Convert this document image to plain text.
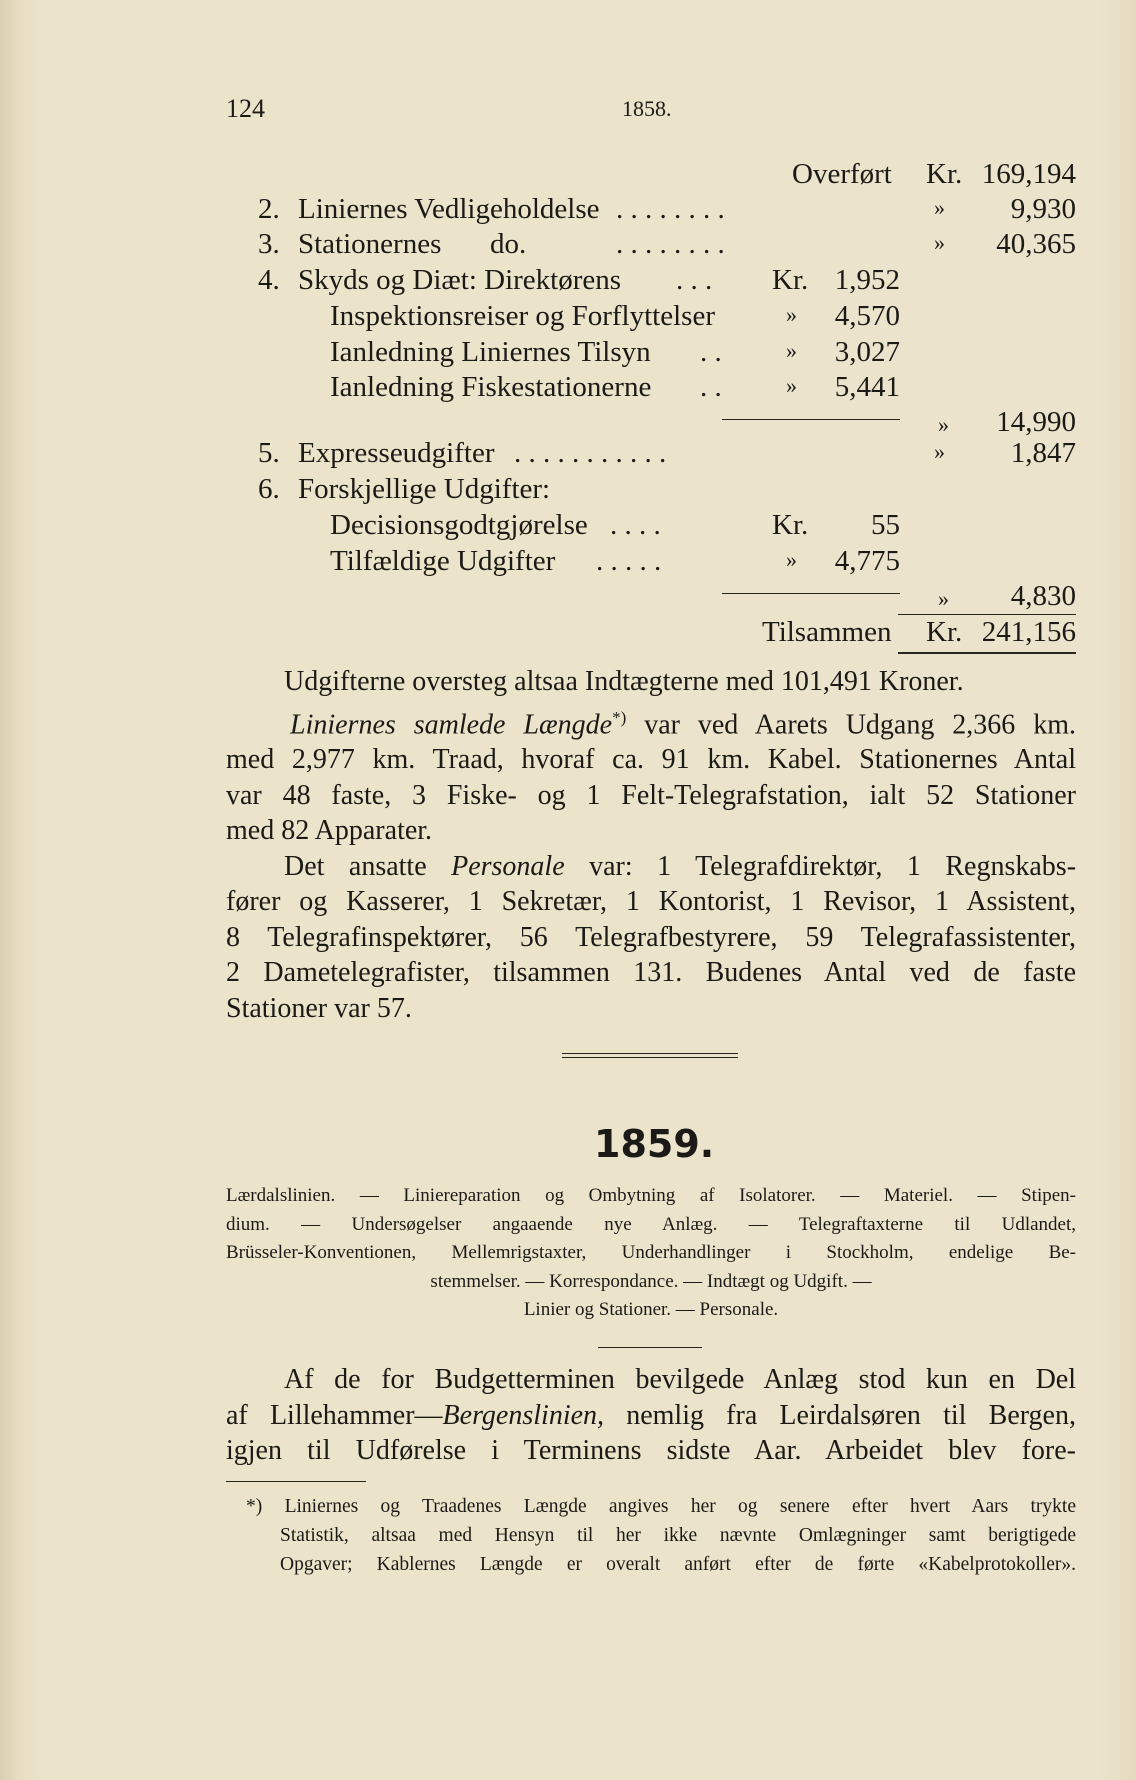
124	1858.
Overført Kr. 169,194
2. Liniernes Vedligeholdelse . . . . . . . .	» 9,930
3. Stationernes do.	. . . . . . . .	» 40,365
4. Skyds og Diæt: Direktørens . . . Kr. 1,952
Inspektionsreiser og Forflyttelser	» 4,570
Ianledning Liniernes Tilsyn . .	» 3,027
Ianledning Fiskestationerne . .	» 5,441
» 14,990
5. Expresseudgifter . . . . . . . . . . .	» 1,847
6. Forskjellige Udgifter:
Decisionsgodtgjørelse . . . .	Kr. 55
Tilfældige Udgifter . . . . .	» 4,775
» 4,830
Tilsammen Kr. 241,156

Udgifterne oversteg altsaa Indtægterne med 101,491 Kroner.

Liniernes samlede Længde*) var ved Aarets Udgang 2,366 km.

med 2,977 km. Traad, hvoraf ca. 91 km. Kabel. Stationernes Antal

var 48 faste, 3 Fiske- og 1 Felt-Telegrafstation, ialt 52 Stationer

med 82 Apparater.

Det ansatte Personale var: 1 Telegrafdirektør, 1 Regnskabs-

fører og Kasserer, 1 Sekretær, 1 Kontorist, 1 Revisor, 1 Assistent,

8 Telegrafinspektører, 56 Telegrafbestyrere, 59 Telegrafassistenter,

2 Dametelegrafister, tilsammen 131. Budenes Antal ved de faste

Stationer var 57.

1859.

Lærdalslinien. — Liniereparation og Ombytning af Isolatorer. — Materiel. — Stipen-

dium. — Undersøgelser angaaende nye Anlæg. — Telegraftaxterne til Udlandet,

Brüsseler-Konventionen, Mellemrigstaxter, Underhandlinger i Stockholm, endelige Be-

stemmelser. — Korrespondance. — Indtægt og Udgift. —

Linier og Stationer. — Personale.

Af de for Budgetterminen bevilgede Anlæg stod kun en Del

af Lillehammer—Bergenslinien, nemlig fra Leirdalsøren til Bergen,

igjen til Udførelse i Terminens sidste Aar. Arbeidet blev fore-

*) Liniernes og Traadenes Længde angives her og senere efter hvert Aars trykte

Statistik, altsaa med Hensyn til her ikke nævnte Omlægninger samt berigtigede

Opgaver; Kablernes Længde er overalt anført efter de førte «Kabelprotokoller».
